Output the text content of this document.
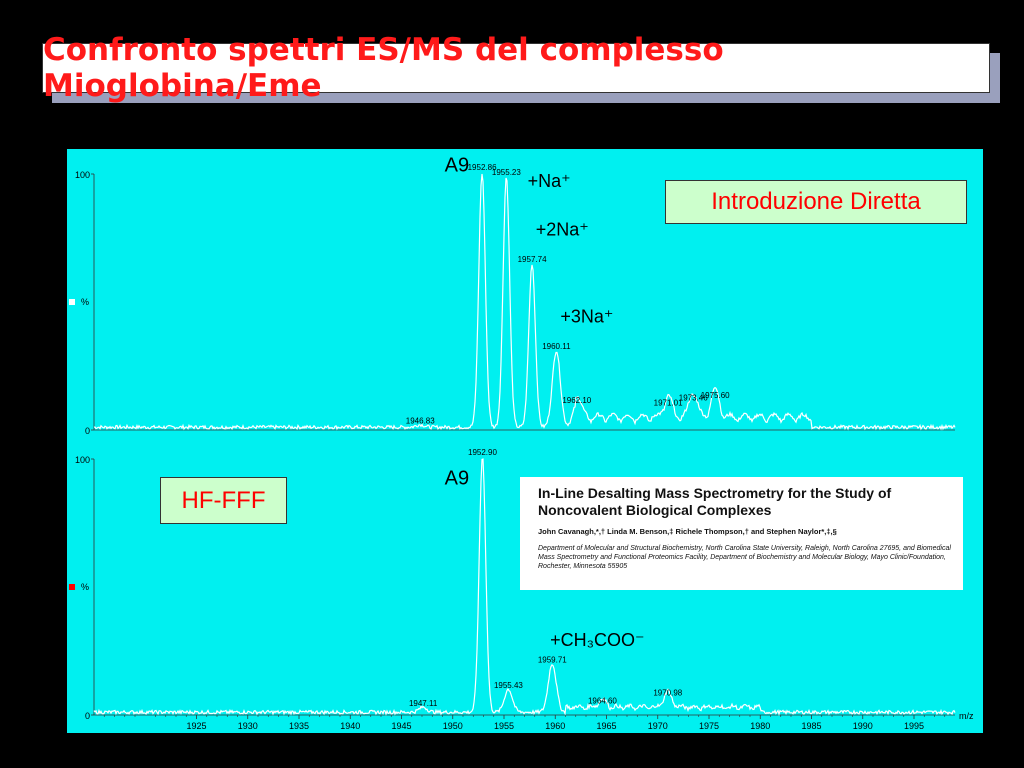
Confronto spettri ES/MS del complesso Mioglobina/Eme
100
0
%
1946.83
1952.86
1955.23
1957.74
1960.11
1962.10	1971.01
1973.46
1975.60
A9
+Na⁺
+2Na⁺
+3Na⁺
100
0
%
1947.11
1952.90
1955.43
1959.71
1964.60
1970.98
A9
+CH₃COO⁻
1925	1930	1935	1940	1945	1950	1955	1960	1965	1970	1975	1980	1985	1990	1995
m/z
Introduzione Diretta
HF-FFF	In-Line Desalting Mass Spectrometry for the Study of Noncovalent Biological Complexes
John Cavanagh,*,† Linda M. Benson,‡ Richele Thompson,† and Stephen Naylor*,‡,§
Department of Molecular and Structural Biochemistry, North Carolina State University, Raleigh, North Carolina 27695, and Biomedical Mass Spectrometry and Functional Proteomics Facility, Department of Biochemistry and Molecular Biology, Mayo Clinic/Foundation, Rochester, Minnesota 55905
